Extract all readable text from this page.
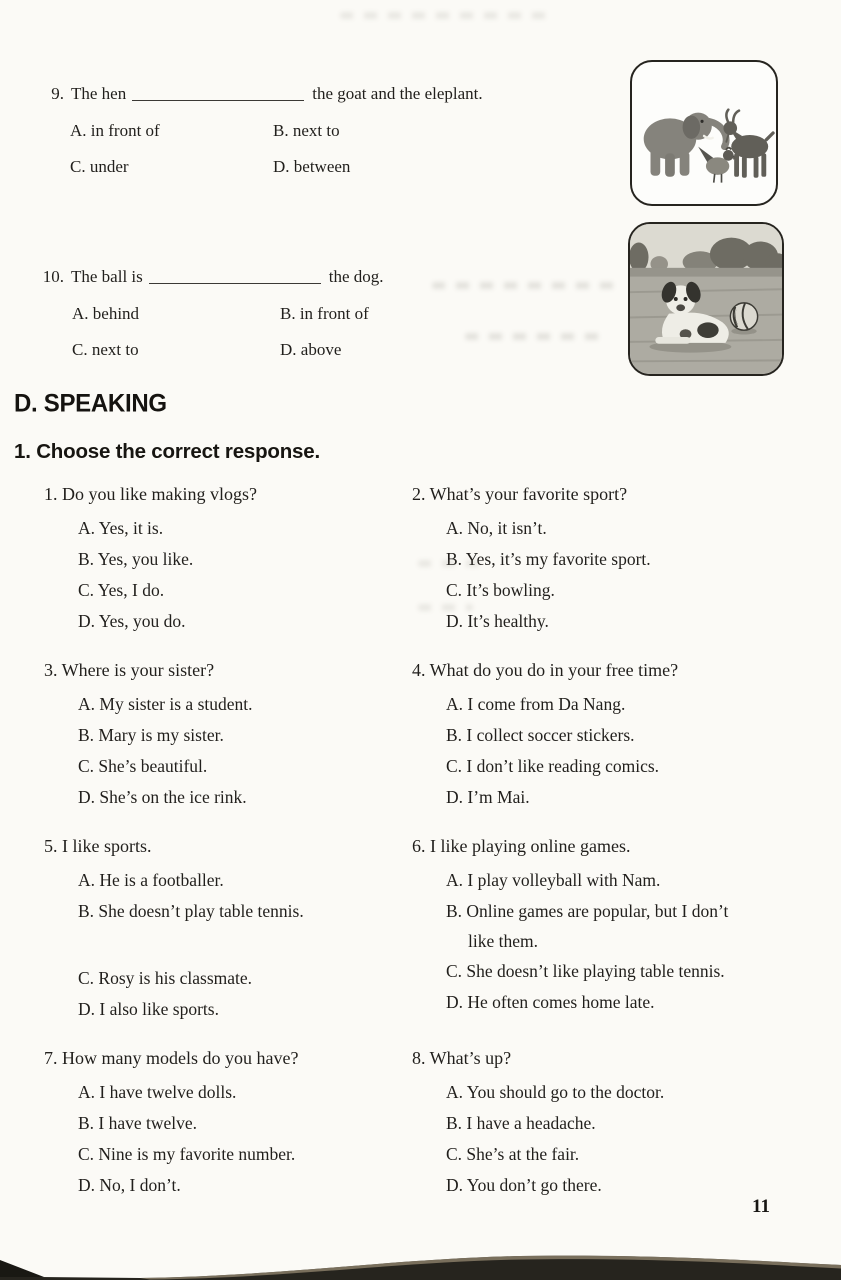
9. The hen	the goat and the eleplant.
A. in front of	B. next to
C. under	D. between
10. The ball is	the dog.
A. behind	B. in front of
C. next to	D. above
D. SPEAKING
1. Choose the correct response.
1. Do you like making vlogs?
A. Yes, it is.
B. Yes, you like.
C. Yes, I do.
D. Yes, you do.
2. What’s your favorite sport?
A. No, it isn’t.
B. Yes, it’s my favorite sport.
C. It’s bowling.
D. It’s healthy.
3. Where is your sister?
A. My sister is a student.
B. Mary is my sister.
C. She’s beautiful.
D. She’s on the ice rink.
4. What do you do in your free time?
A. I come from Da Nang.
B. I collect soccer stickers.
C. I don’t like reading comics.
D. I’m Mai.
5. I like sports.
A. He is a footballer.
B. She doesn’t play table tennis.
C. Rosy is his classmate.
D. I also like sports.
6. I like playing online games.
A. I play volleyball with Nam.
B. Online games are popular, but I don’t like them.
C. She doesn’t like playing table tennis.
D. He often comes home late.
7. How many models do you have?
A. I have twelve dolls.
B. I have twelve.
C. Nine is my favorite number.
D. No, I don’t.
8. What’s up?
A. You should go to the doctor.
B. I have a headache.
C. She’s at the fair.
D. You don’t go there.
11
